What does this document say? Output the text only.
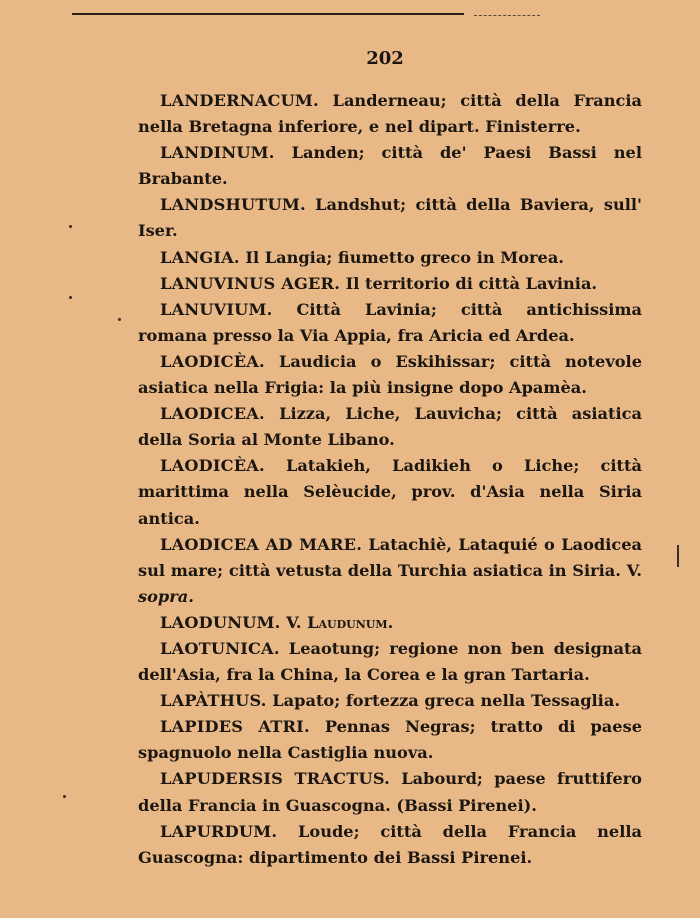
202

LANDERNACUM. Landerneau; città della Francia nella Bretagna inferiore, e nel dipart. Finisterre.

LANDINUM. Landen; città de' Paesi Bassi nel Brabante.

LANDSHUTUM. Landshut; città della Baviera, sull' Iser.

LANGIA. Il Langia; fiumetto greco in Morea.

LANUVINUS AGER. Il territorio di città Lavinia.

LANUVIUM. Città Lavinia; città antichissima romana presso la Via Appia, fra Aricia ed Ardea.

LAODICÈA. Laudicia o Eskihissar; città notevole asiatica nella Frigia: la più insigne dopo Apamèa.

LAODICEA. Lizza, Liche, Lauvicha; città asiatica della Soria al Monte Libano.

LAODICÈA. Latakieh, Ladikieh o Liche; città marittima nella Selèucide, prov. d'Asia nella Siria antica.

LAODICEA AD MARE. Latachiè, Lataquié o Laodicea sul mare; città vetusta della Turchia asiatica in Siria. V. sopra.

LAODUNUM. V. Laudunum.

LAOTUNICA. Leaotung; regione non ben designata dell'Asia, fra la China, la Corea e la gran Tartaria.

LAPÀTHUS. Lapato; fortezza greca nella Tessaglia.

LAPIDES ATRI. Pennas Negras; tratto di paese spagnuolo nella Castiglia nuova.

LAPUDERSIS TRACTUS. Labourd; paese fruttifero della Francia in Guascogna. (Bassi Pirenei).

LAPURDUM. Loude; città della Francia nella Guascogna: dipartimento dei Bassi Pirenei.
